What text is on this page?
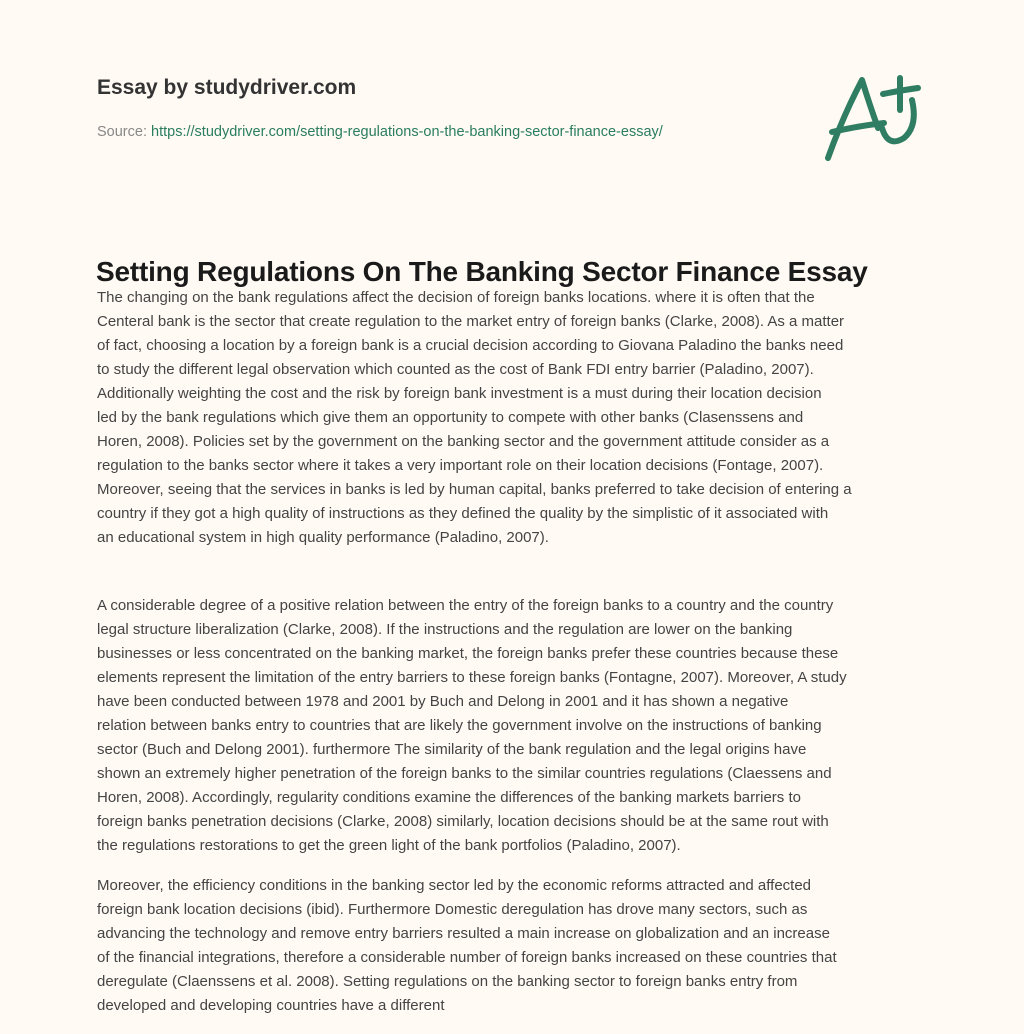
Essay by studydriver.com
Source: https://studydriver.com/setting-regulations-on-the-banking-sector-finance-essay/
Setting Regulations On The Banking Sector Finance Essay
The changing on the bank regulations affect the decision of foreign banks locations. where it is often that the
Centeral bank is the sector that create regulation to the market entry of foreign banks (Clarke, 2008). As a matter
of fact, choosing a location by a foreign bank is a crucial decision according to Giovana Paladino the banks need
to study the different legal observation which counted as the cost of Bank FDI entry barrier (Paladino, 2007).
Additionally weighting the cost and the risk by foreign bank investment is a must during their location decision
led by the bank regulations which give them an opportunity to compete with other banks (Clasenssens and
Horen, 2008). Policies set by the government on the banking sector and the government attitude consider as a
regulation to the banks sector where it takes a very important role on their location decisions (Fontage, 2007).
Moreover, seeing that the services in banks is led by human capital, banks preferred to take decision of entering a
country if they got a high quality of instructions as they defined the quality by the simplistic of it associated with
an educational system in high quality performance (Paladino, 2007).
A considerable degree of a positive relation between the entry of the foreign banks to a country and the country
legal structure liberalization (Clarke, 2008). If the instructions and the regulation are lower on the banking
businesses or less concentrated on the banking market, the foreign banks prefer these countries because these
elements represent the limitation of the entry barriers to these foreign banks (Fontagne, 2007). Moreover, A study
have been conducted between 1978 and 2001 by Buch and Delong in 2001 and it has shown a negative
relation between banks entry to countries that are likely the government involve on the instructions of banking
sector (Buch and Delong 2001). furthermore The similarity of the bank regulation and the legal origins have
shown an extremely higher penetration of the foreign banks to the similar countries regulations (Claessens and
Horen, 2008). Accordingly, regularity conditions examine the differences of the banking markets barriers to
foreign banks penetration decisions (Clarke, 2008) similarly, location decisions should be at the same rout with
the regulations restorations to get the green light of the bank portfolios (Paladino, 2007).
Moreover, the efficiency conditions in the banking sector led by the economic reforms attracted and affected
foreign bank location decisions (ibid). Furthermore Domestic deregulation has drove many sectors, such as
advancing the technology and remove entry barriers resulted a main increase on globalization and an increase
of the financial integrations, therefore a considerable number of foreign banks increased on these countries that
deregulate (Claenssens et al. 2008). Setting regulations on the banking sector to foreign banks entry from
developed and developing countries have a different
